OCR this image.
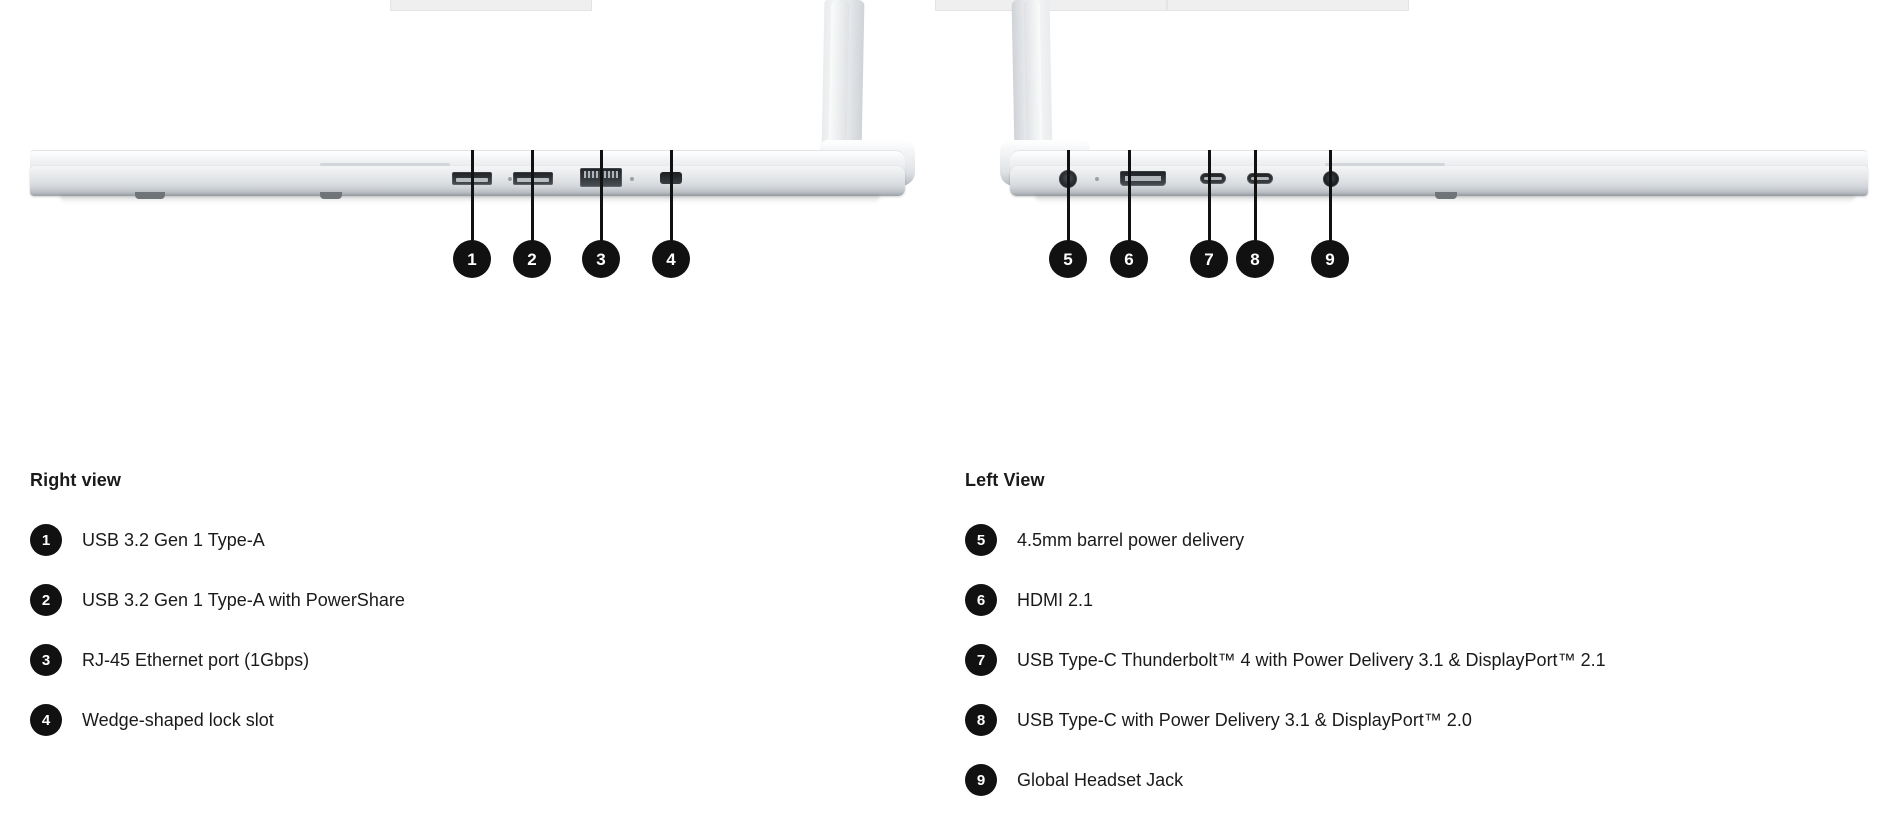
1	2	3	4	5	6	7	8	9
Right view
1	USB 3.2 Gen 1 Type-A
2	USB 3.2 Gen 1 Type-A with PowerShare
3	RJ-45 Ethernet port (1Gbps)
4	Wedge-shaped lock slot
Left View
5	4.5mm barrel power delivery
6	HDMI 2.1
7	USB Type-C Thunderbolt™ 4 with Power Delivery 3.1 & DisplayPort™ 2.1
8	USB Type-C with Power Delivery 3.1 & DisplayPort™ 2.0
9	Global Headset Jack
